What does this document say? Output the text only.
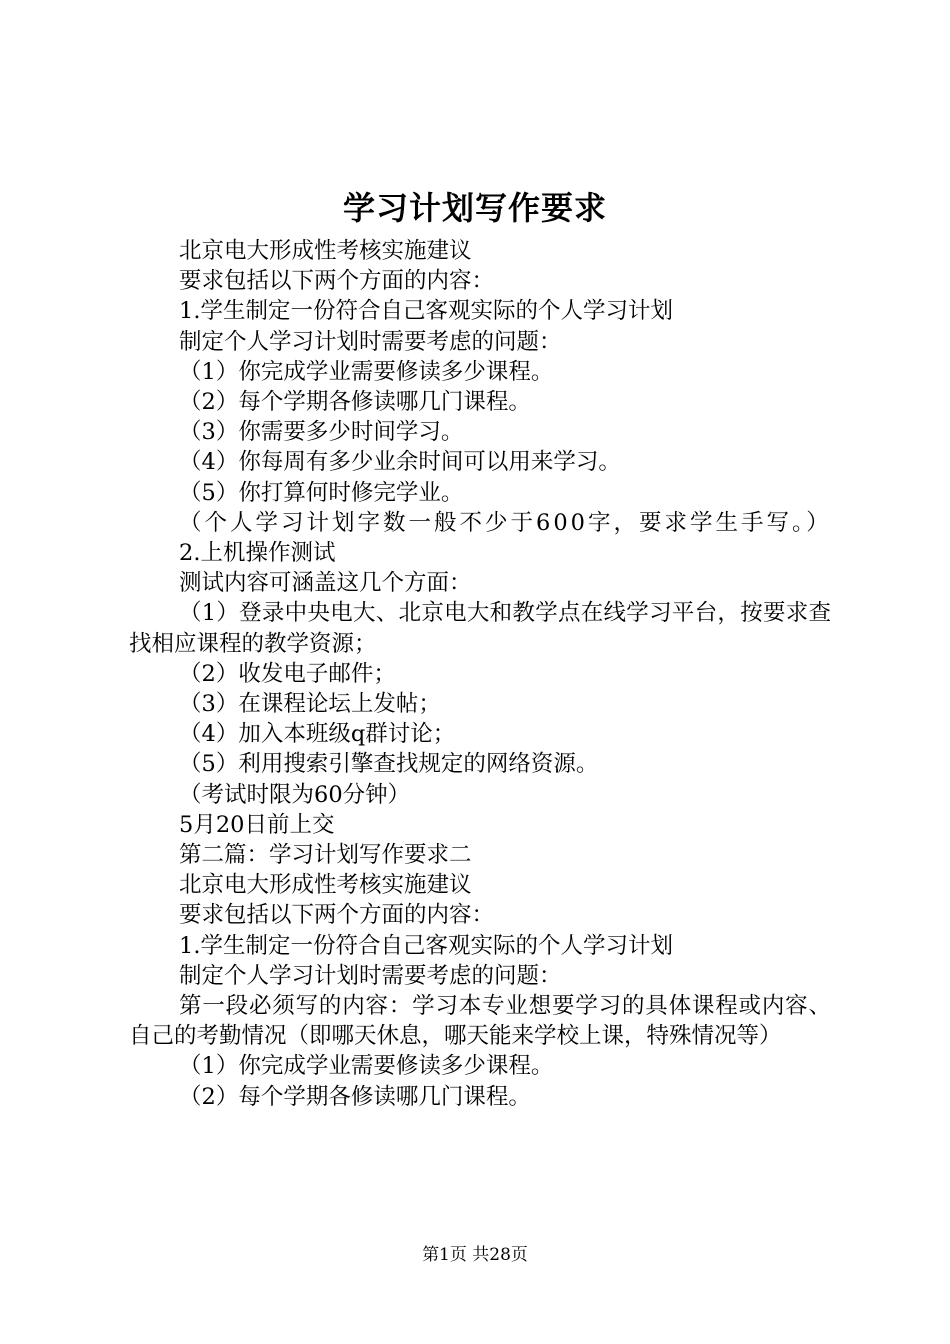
学习计划写作要求

北京电大形成性考核实施建议

要求包括以下两个方面的内容：

1.学生制定一份符合自己客观实际的个人学习计划

制定个人学习计划时需要考虑的问题：

（1）你完成学业需要修读多少课程。

（2）每个学期各修读哪几门课程。

（3）你需要多少时间学习。

（4）你每周有多少业余时间可以用来学习。

（5）你打算何时修完学业。

（个人学习计划字数一般不少于600字，要求学生手写。）

2.上机操作测试

测试内容可涵盖这几个方面：

（1）登录中央电大、北京电大和教学点在线学习平台，按要求查找相应课程的教学资源；

（2）收发电子邮件；

（3）在课程论坛上发帖；

（4）加入本班级q群讨论；

（5）利用搜索引擎查找规定的网络资源。

（考试时限为60分钟）

5月20日前上交

第二篇：学习计划写作要求二

北京电大形成性考核实施建议

要求包括以下两个方面的内容：

1.学生制定一份符合自己客观实际的个人学习计划

制定个人学习计划时需要考虑的问题：

第一段必须写的内容：学习本专业想要学习的具体课程或内容、自己的考勤情况（即哪天休息，哪天能来学校上课，特殊情况等）

（1）你完成学业需要修读多少课程。

（2）每个学期各修读哪几门课程。

第1页 共28页
